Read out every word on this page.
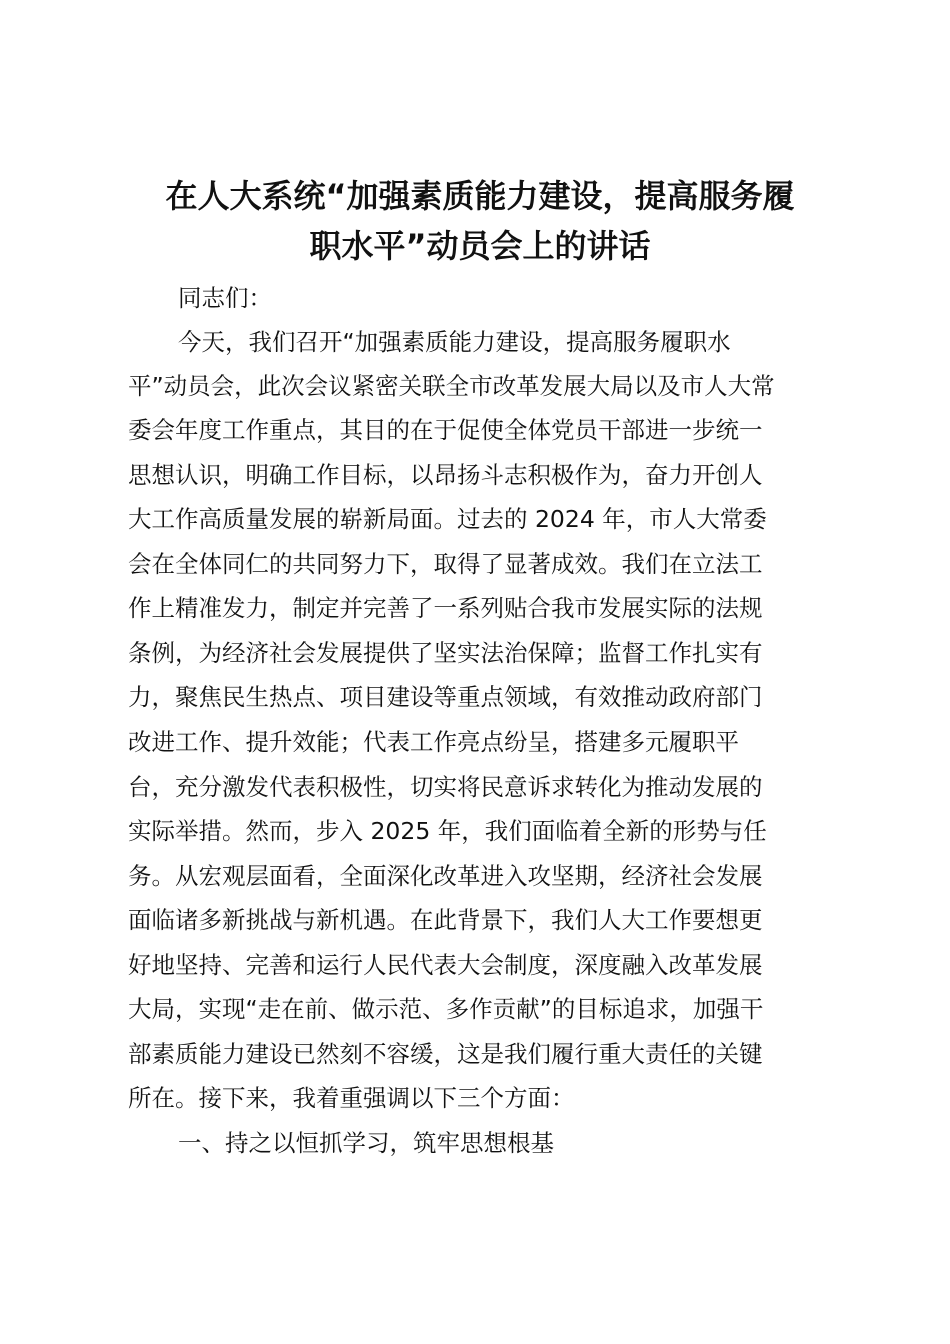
在人大系统“加强素质能力建设，提高服务履
职水平”动员会上的讲话
同志们：
今天，我们召开“加强素质能力建设，提高服务履职水
平”动员会，此次会议紧密关联全市改革发展大局以及市人大常
委会年度工作重点，其目的在于促使全体党员干部进一步统一
思想认识，明确工作目标，以昂扬斗志积极作为，奋力开创人
大工作高质量发展的崭新局面。过去的 2024 年，市人大常委
会在全体同仁的共同努力下，取得了显著成效。我们在立法工
作上精准发力，制定并完善了一系列贴合我市发展实际的法规
条例，为经济社会发展提供了坚实法治保障；监督工作扎实有
力，聚焦民生热点、项目建设等重点领域，有效推动政府部门
改进工作、提升效能；代表工作亮点纷呈，搭建多元履职平
台，充分激发代表积极性，切实将民意诉求转化为推动发展的
实际举措。然而，步入 2025 年，我们面临着全新的形势与任
务。从宏观层面看，全面深化改革进入攻坚期，经济社会发展
面临诸多新挑战与新机遇。在此背景下，我们人大工作要想更
好地坚持、完善和运行人民代表大会制度，深度融入改革发展
大局，实现“走在前、做示范、多作贡献”的目标追求，加强干
部素质能力建设已然刻不容缓，这是我们履行重大责任的关键
所在。接下来，我着重强调以下三个方面：
一、持之以恒抓学习，筑牢思想根基
